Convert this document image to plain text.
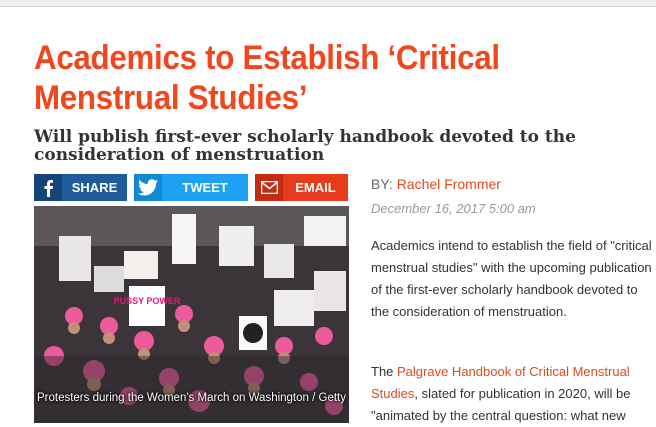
Academics to Establish ‘Critical Menstrual Studies’
Will publish first-ever scholarly handbook devoted to the consideration of menstruation
SHARE	TWEET	EMAIL
PUSSY POWER
Protesters during the Women's March on Washington / Getty
BY: Rachel Frommer
December 16, 2017 5:00 am

Academics intend to establish the field of "critical menstrual studies" with the upcoming publication of the first-ever scholarly handbook devoted to the consideration of menstruation.

The Palgrave Handbook of Critical Menstrual Studies, slated for publication in 2020, will be "animated by the central question: what new
